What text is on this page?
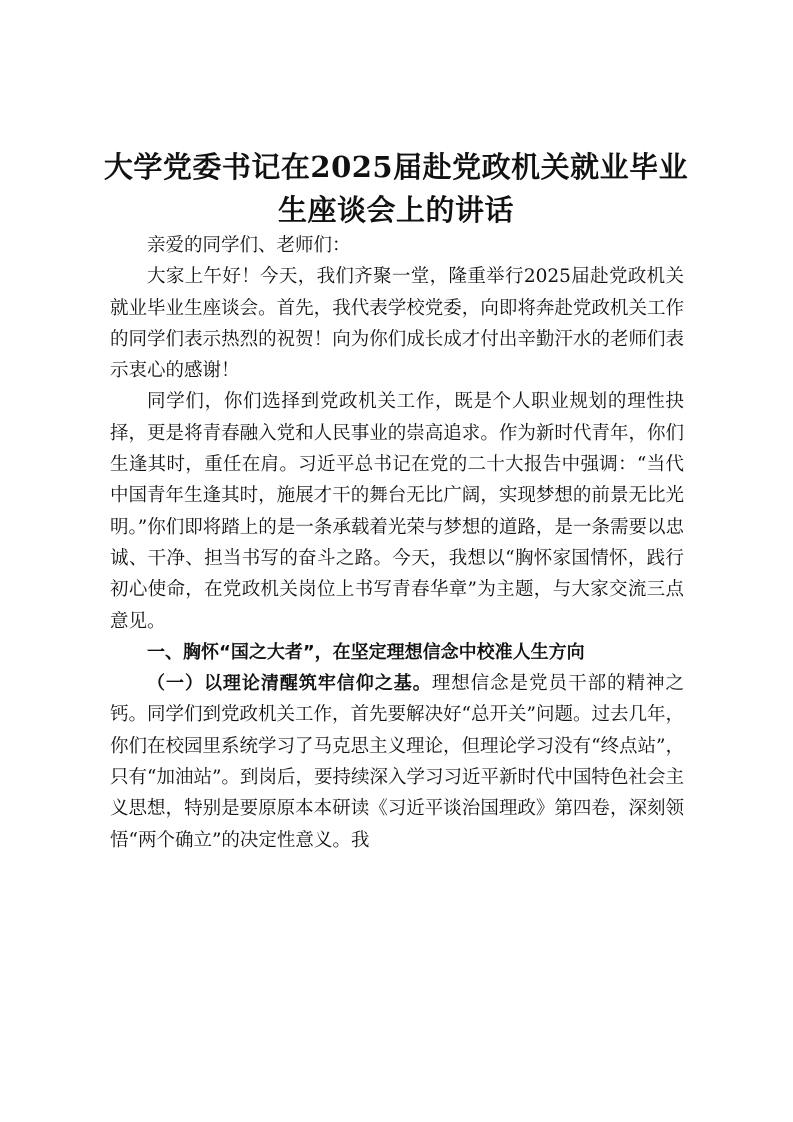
大学党委书记在2025届赴党政机关就业毕业
生座谈会上的讲话

亲爱的同学们、老师们：

大家上午好！今天，我们齐聚一堂，隆重举行2025届赴党政机关就业毕业生座谈会。首先，我代表学校党委，向即将奔赴党政机关工作的同学们表示热烈的祝贺！向为你们成长成才付出辛勤汗水的老师们表示衷心的感谢！

同学们，你们选择到党政机关工作，既是个人职业规划的理性抉择，更是将青春融入党和人民事业的崇高追求。作为新时代青年，你们生逢其时，重任在肩。习近平总书记在党的二十大报告中强调：“当代中国青年生逢其时，施展才干的舞台无比广阔，实现梦想的前景无比光明。”你们即将踏上的是一条承载着光荣与梦想的道路，是一条需要以忠诚、干净、担当书写的奋斗之路。今天，我想以“胸怀家国情怀，践行初心使命，在党政机关岗位上书写青春华章”为主题，与大家交流三点意见。

一、胸怀“国之大者”，在坚定理想信念中校准人生方向

（一）以理论清醒筑牢信仰之基。理想信念是党员干部的精神之钙。同学们到党政机关工作，首先要解决好“总开关”问题。过去几年，你们在校园里系统学习了马克思主义理论，但理论学习没有“终点站”，只有“加油站”。到岗后，要持续深入学习习近平新时代中国特色社会主义思想，特别是要原原本本研读《习近平谈治国理政》第四卷，深刻领悟“两个确立”的决定性意义。我
